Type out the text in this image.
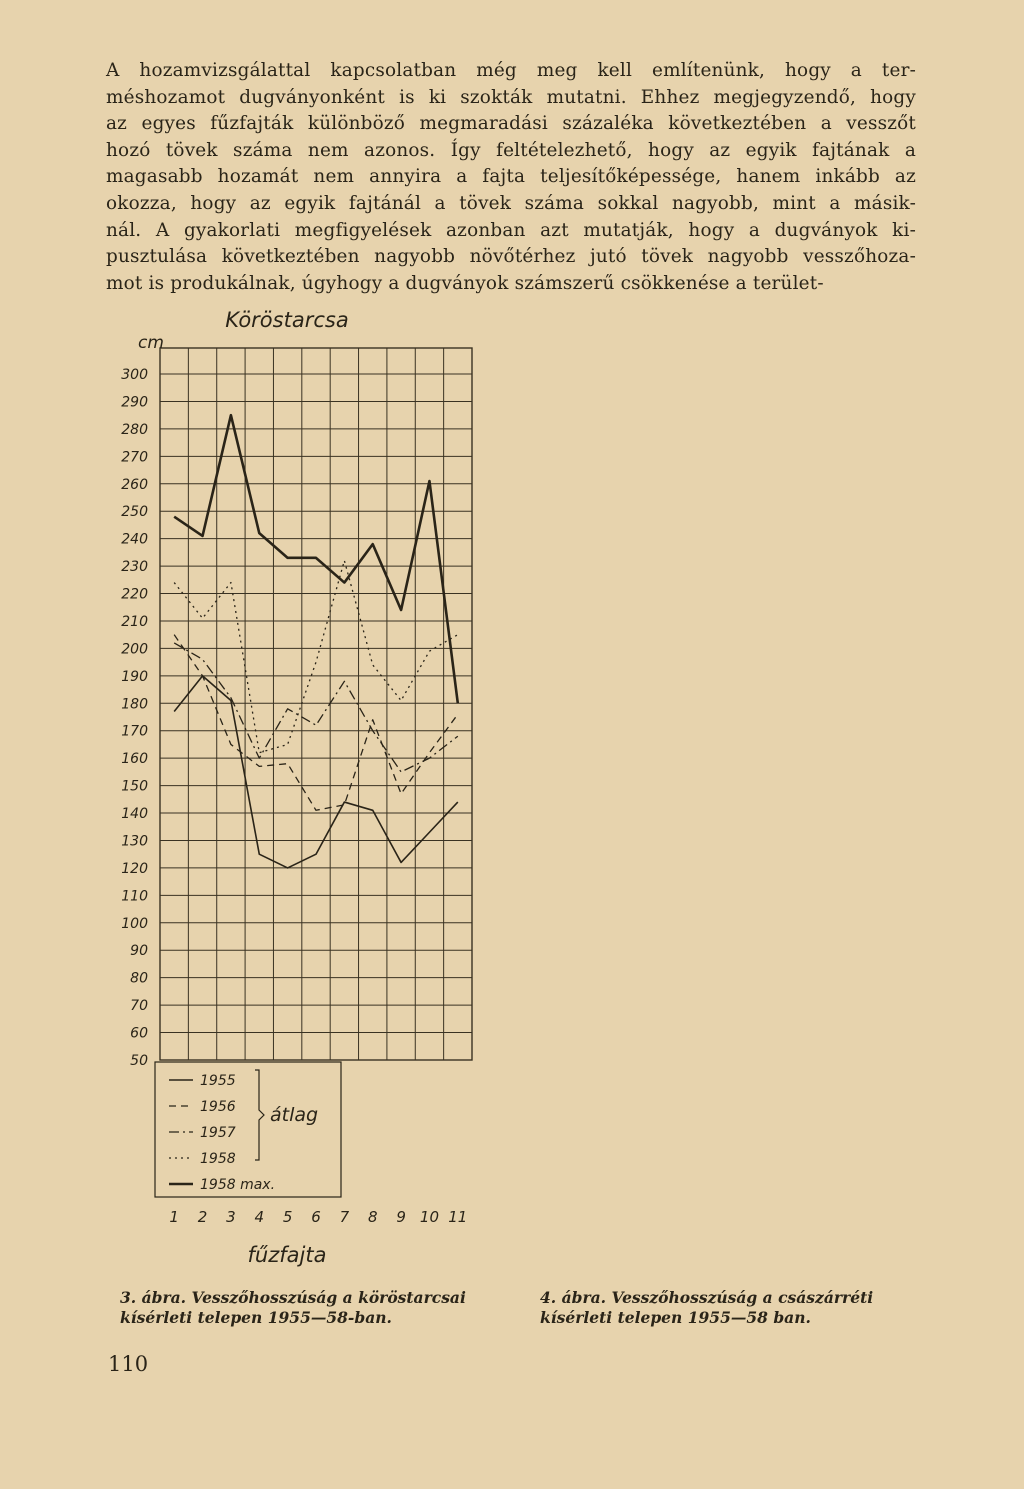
A hozamvizsgálattal kapcsolatban még meg kell említenünk, hogy a ter-
méshozamot dugványonként is ki szokták mutatni. Ehhez megjegyzendő, hogy
az egyes fűzfajták különböző megmaradási százaléka következtében a vesszőt
hozó tövek száma nem azonos. Így feltételezhető, hogy az egyik fajtának a
magasabb hozamát nem annyira a fajta teljesítőképessége, hanem inkább az
okozza, hogy az egyik fajtánál a tövek száma sokkal nagyobb, mint a másik-
nál. A gyakorlati megfigyelések azonban azt mutatják, hogy a dugványok ki-
pusztulása következtében nagyobb növőtérhez jutó tövek nagyobb vesszőhoza-
mot is produkálnak, úgyhogy a dugványok számszerű csökkenése a terület-

300
290
280
270
260
250
240
230
220
210
200
190
180
170
160
150
140
130
120
110
100
90
80
70
60
50
cm
1 2 3 4 5 6 7 8 9 10 11
fűzfajta
Köröstarcsa
1955
1956
1957
1958
1958 max.
átlag

3. ábra. Vesszőhosszúság a köröstarcsai
kísérleti telepen 1955—58-ban.

4. ábra. Vesszőhosszúság a császárréti
kísérleti telepen 1955—58 ban.

110
